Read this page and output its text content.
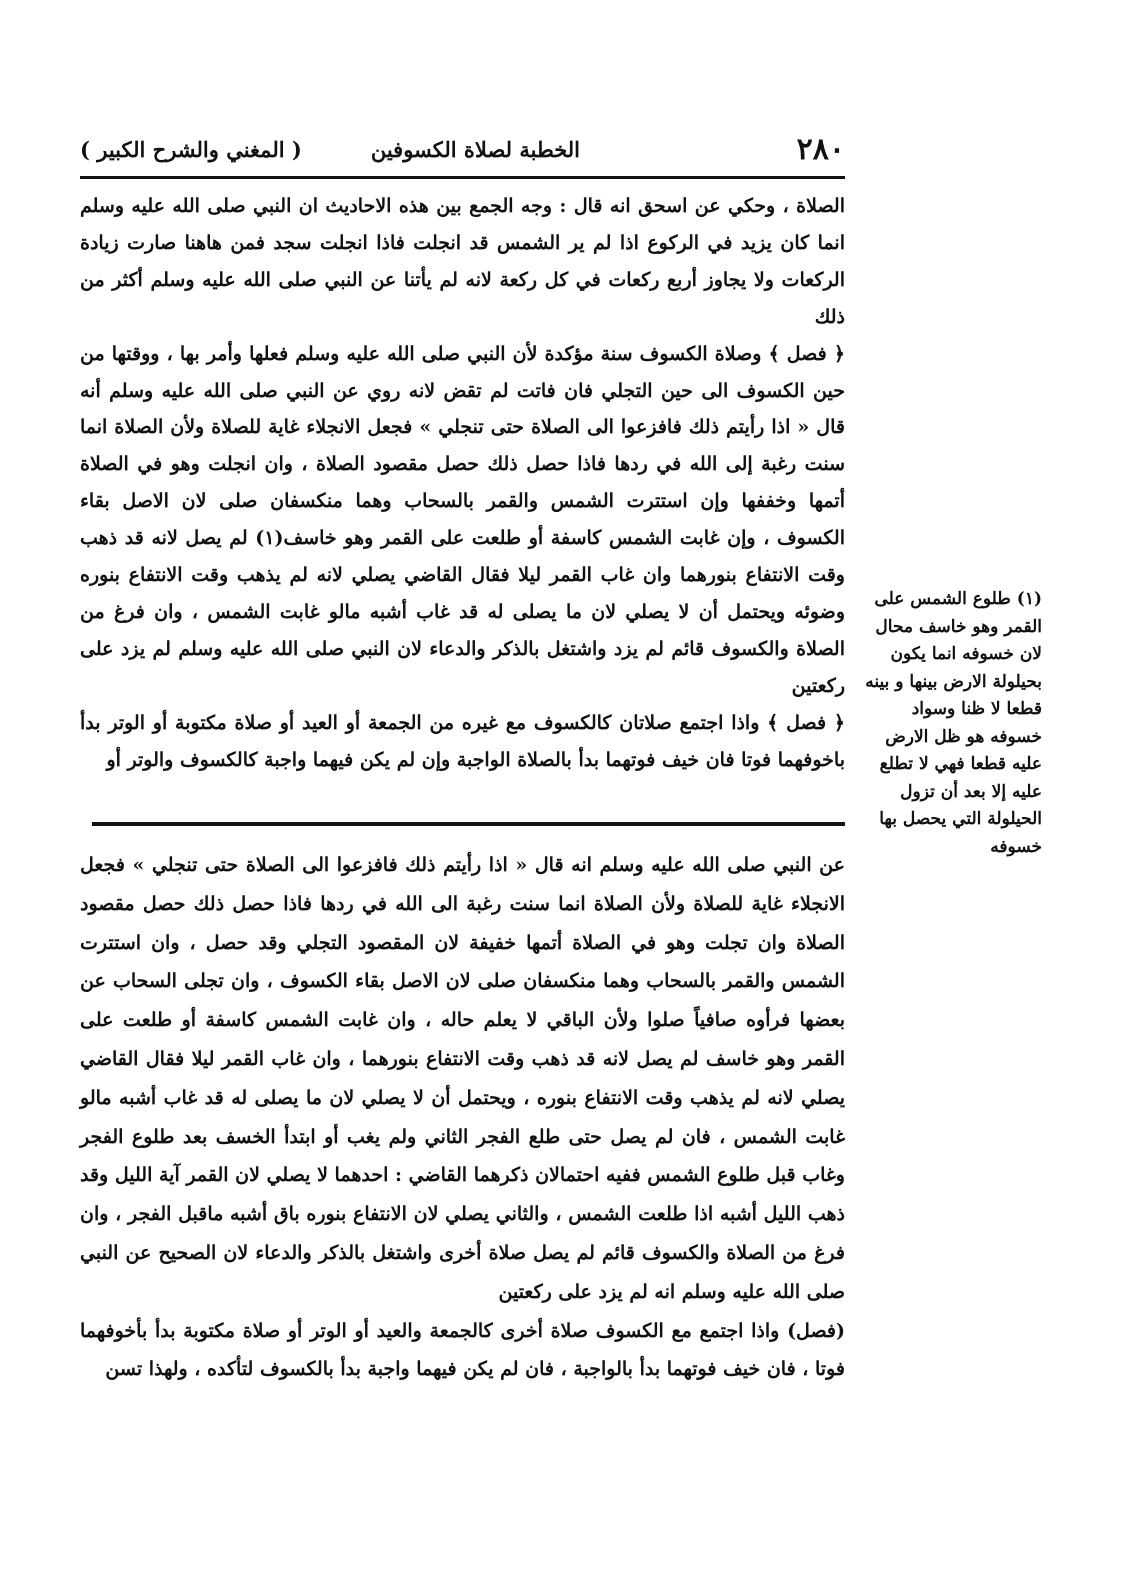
٢٨٠
الخطبة لصلاة الكسوفين
( المغني والشرح الكبير )

الصلاة ، وحكي عن اسحق انه قال : وجه الجمع بين هذه الاحاديث ان النبي صلى الله عليه وسلم انما كان يزيد في الركوع اذا لم ير الشمس قد انجلت فاذا انجلت سجد فمن هاهنا صارت زيادة الركعات ولا يجاوز أربع ركعات في كل ركعة لانه لم يأتنا عن النبي صلى الله عليه وسلم أكثر من ذلك

﴿ فصل ﴾ وصلاة الكسوف سنة مؤكدة لأن النبي صلى الله عليه وسلم فعلها وأمر بها ، ووقتها من حين الكسوف الى حين التجلي فان فاتت لم تقض لانه روي عن النبي صلى الله عليه وسلم أنه قال « اذا رأيتم ذلك فافزعوا الى الصلاة حتى تنجلي » فجعل الانجلاء غاية للصلاة ولأن الصلاة انما سنت رغبة إلى الله في ردها فاذا حصل ذلك حصل مقصود الصلاة ، وان انجلت وهو في الصلاة أتمها وخففها وإن استترت الشمس والقمر بالسحاب وهما منكسفان صلى لان الاصل بقاء الكسوف ، وإن غابت الشمس كاسفة أو طلعت على القمر وهو خاسف(١) لم يصل لانه قد ذهب وقت الانتفاع بنورهما وان غاب القمر ليلا فقال القاضي يصلي لانه لم يذهب وقت الانتفاع بنوره وضوئه ويحتمل أن لا يصلي لان ما يصلى له قد غاب أشبه مالو غابت الشمس ، وان فرغ من الصلاة والكسوف قائم لم يزد واشتغل بالذكر والدعاء لان النبي صلى الله عليه وسلم لم يزد على ركعتين

﴿ فصل ﴾ واذا اجتمع صلاتان كالكسوف مع غيره من الجمعة أو العيد أو صلاة مكتوبة أو الوتر بدأ باخوفهما فوتا فان خيف فوتهما بدأ بالصلاة الواجبة وإن لم يكن فيهما واجبة كالكسوف والوتر أو

عن النبي صلى الله عليه وسلم انه قال « اذا رأيتم ذلك فافزعوا الى الصلاة حتى تنجلي » فجعل الانجلاء غاية للصلاة ولأن الصلاة انما سنت رغبة الى الله في ردها فاذا حصل ذلك حصل مقصود الصلاة وان تجلت وهو في الصلاة أتمها خفيفة لان المقصود التجلي وقد حصل ، وان استترت الشمس والقمر بالسحاب وهما منكسفان صلى لان الاصل بقاء الكسوف ، وان تجلى السحاب عن بعضها فرأوه صافياً صلوا ولأن الباقي لا يعلم حاله ، وان غابت الشمس كاسفة أو طلعت على القمر وهو خاسف لم يصل لانه قد ذهب وقت الانتفاع بنورهما ، وان غاب القمر ليلا فقال القاضي يصلي لانه لم يذهب وقت الانتفاع بنوره ، ويحتمل أن لا يصلي لان ما يصلى له قد غاب أشبه مالو غابت الشمس ، فان لم يصل حتى طلع الفجر الثاني ولم يغب أو ابتدأ الخسف بعد طلوع الفجر وغاب قبل طلوع الشمس ففيه احتمالان ذكرهما القاضي : احدهما لا يصلي لان القمر آية الليل وقد ذهب الليل أشبه اذا طلعت الشمس ، والثاني يصلي لان الانتفاع بنوره باق أشبه ماقبل الفجر ، وان فرغ من الصلاة والكسوف قائم لم يصل صلاة أخرى واشتغل بالذكر والدعاء لان الصحيح عن النبي صلى الله عليه وسلم انه لم يزد على ركعتين

(فصل) واذا اجتمع مع الكسوف صلاة أخرى كالجمعة والعيد أو الوتر أو صلاة مكتوبة بدأ بأخوفهما فوتا ، فان خيف فوتهما بدأ بالواجبة ، فان لم يكن فيهما واجبة بدأ بالكسوف لتأكده ، ولهذا تسن

(١) طلوع الشمس على القمر وهو خاسف محال لان خسوفه انما يكون بحيلولة الارض بينها و بينه قطعا لا ظنا وسواد خسوفه هو ظل الارض عليه قطعا فهي لا تطلع عليه إلا بعد أن تزول الحيلولة التي يحصل بها خسوفه
